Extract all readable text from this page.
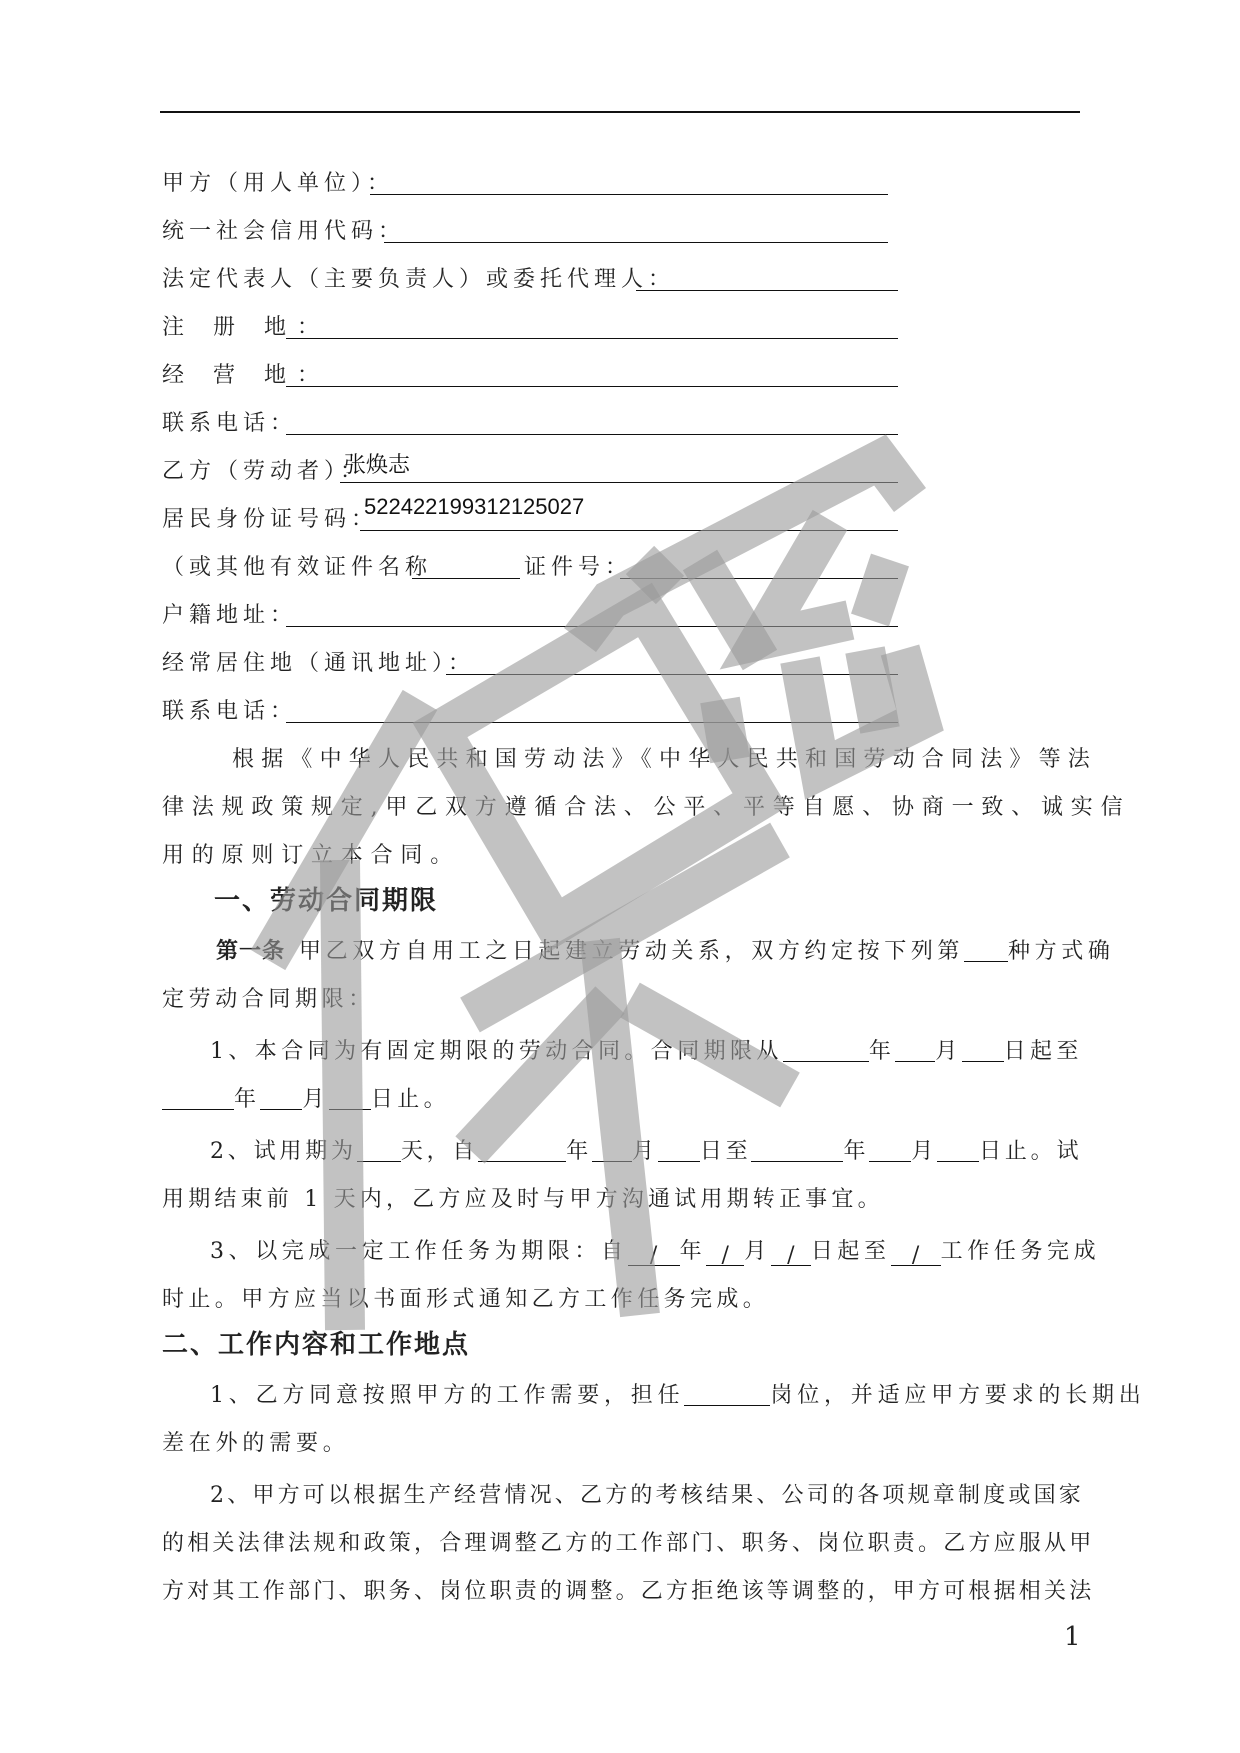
甲方（用人单位）：
统一社会信用代码：
法定代表人（主要负责人）或委托代理人：
注 册 地：
经 营 地：
联系电话：
乙方（劳动者）：
张焕志
居民身份证号码：
522422199312125027
（或其他有效证件名称	证件号：
户籍地址：
经常居住地（通讯地址）：
联系电话：
根据《中华人民共和国劳动法》《中华人民共和国劳动合同法》等法
律法规政策规定,甲乙双方遵循合法、公平、平等自愿、协商一致、诚实信
用的原则订立本合同。
一、劳动合同期限
第一条 甲乙双方自用工之日起建立劳动关系，双方约定按下列第 种方式确
定劳动合同期限：
1、本合同为有固定期限的劳动合同。合同期限从	年 月 日起至
年 月 日止。
2、试用期为 天，自	年 月 日至	年 月 日止。试
用期结束前 1 天内，乙方应及时与甲方沟通试用期转正事宜。
3、以完成一定工作任务为期限：自 / 年 / 月 / 日起至 / 工作任务完成
时止。甲方应当以书面形式通知乙方工作任务完成。
二、工作内容和工作地点
1、乙方同意按照甲方的工作需要，担任	岗位，并适应甲方要求的长期出
差在外的需要。
2、甲方可以根据生产经营情况、乙方的考核结果、公司的各项规章制度或国家
的相关法律法规和政策，合理调整乙方的工作部门、职务、岗位职责。乙方应服从甲
方对其工作部门、职务、岗位职责的调整。乙方拒绝该等调整的，甲方可根据相关法
1
